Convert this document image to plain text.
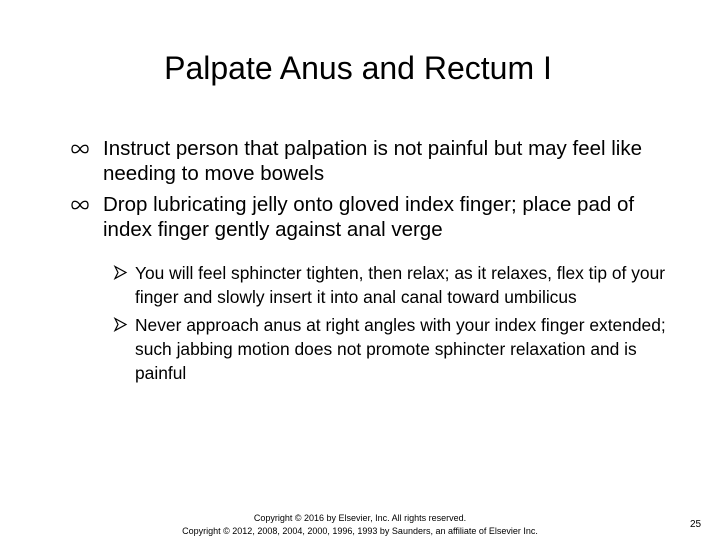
Palpate Anus and Rectum I
Instruct person that palpation is not painful but may feel like needing to move bowels
Drop lubricating jelly onto gloved index finger; place pad of index finger gently against anal verge
You will feel sphincter tighten, then relax; as it relaxes, flex tip of your finger and slowly insert it into anal canal toward umbilicus
Never approach anus at right angles with your index finger extended; such jabbing motion does not promote sphincter relaxation and is painful
Copyright © 2016 by Elsevier, Inc. All rights reserved.
Copyright © 2012, 2008, 2004, 2000, 1996, 1993 by Saunders, an affiliate of Elsevier Inc.
25
